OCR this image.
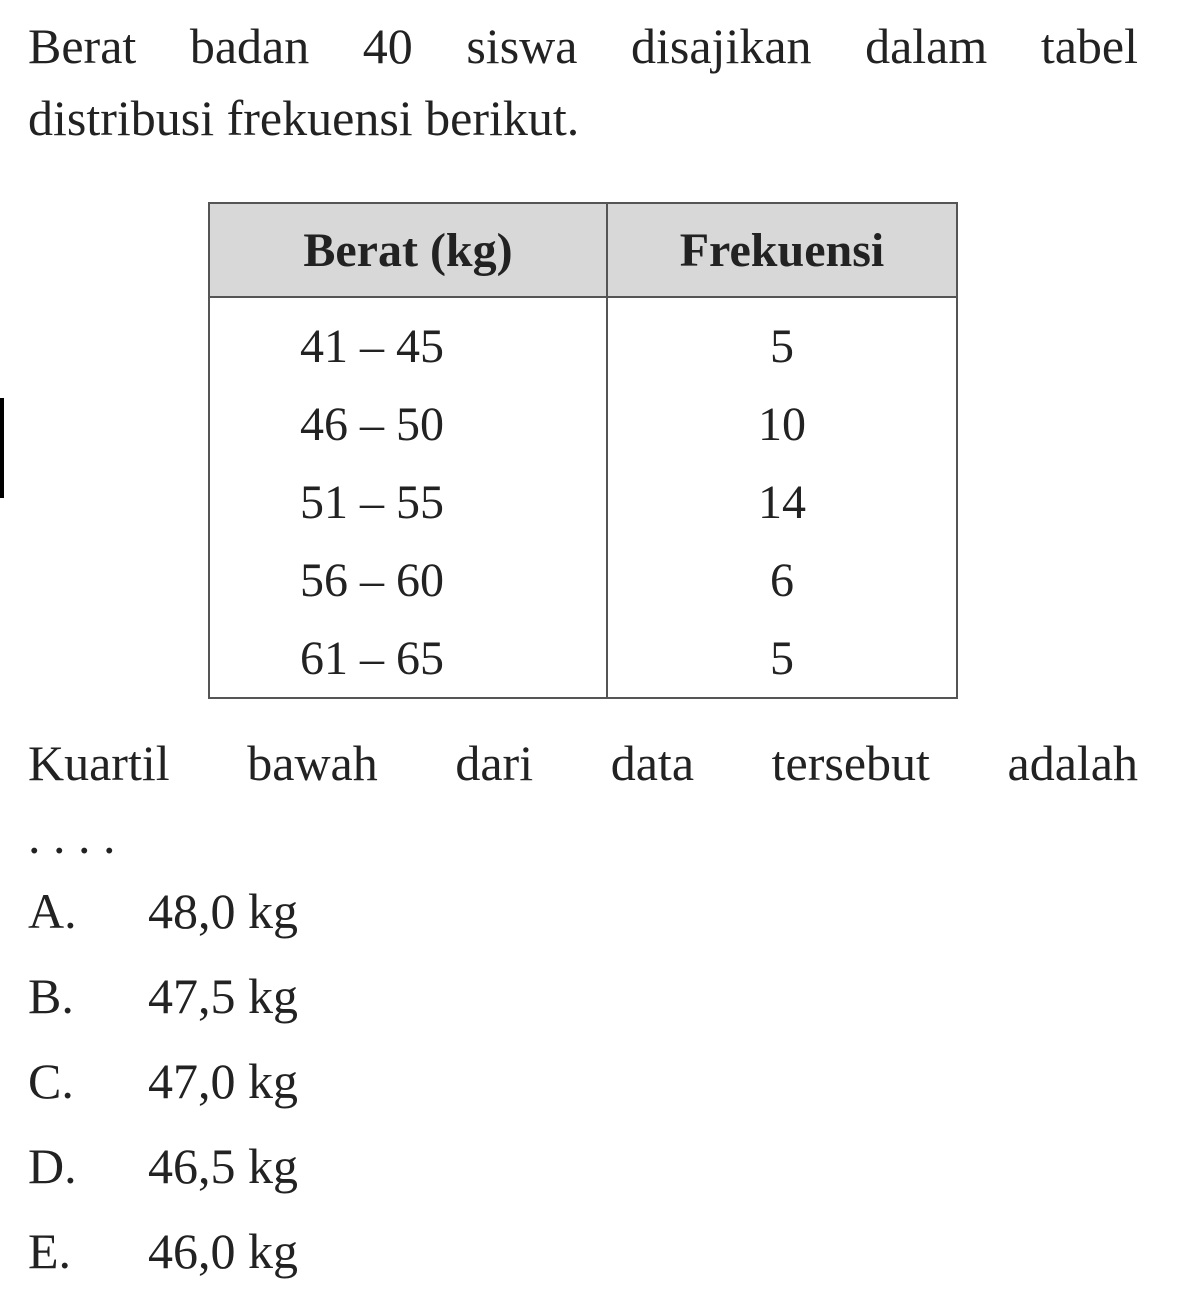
Berat badan 40 siswa disajikan dalam tabel
distribusi frekuensi berikut.
Berat (kg)	Frekuensi
41 – 45	5
46 – 50	10
51 – 55	14
56 – 60	6
61 – 65	5
Kuartil bawah dari data tersebut adalah
. . . .
A. 48,0 kg
B. 47,5 kg
C. 47,0 kg
D. 46,5 kg
E. 46,0 kg
